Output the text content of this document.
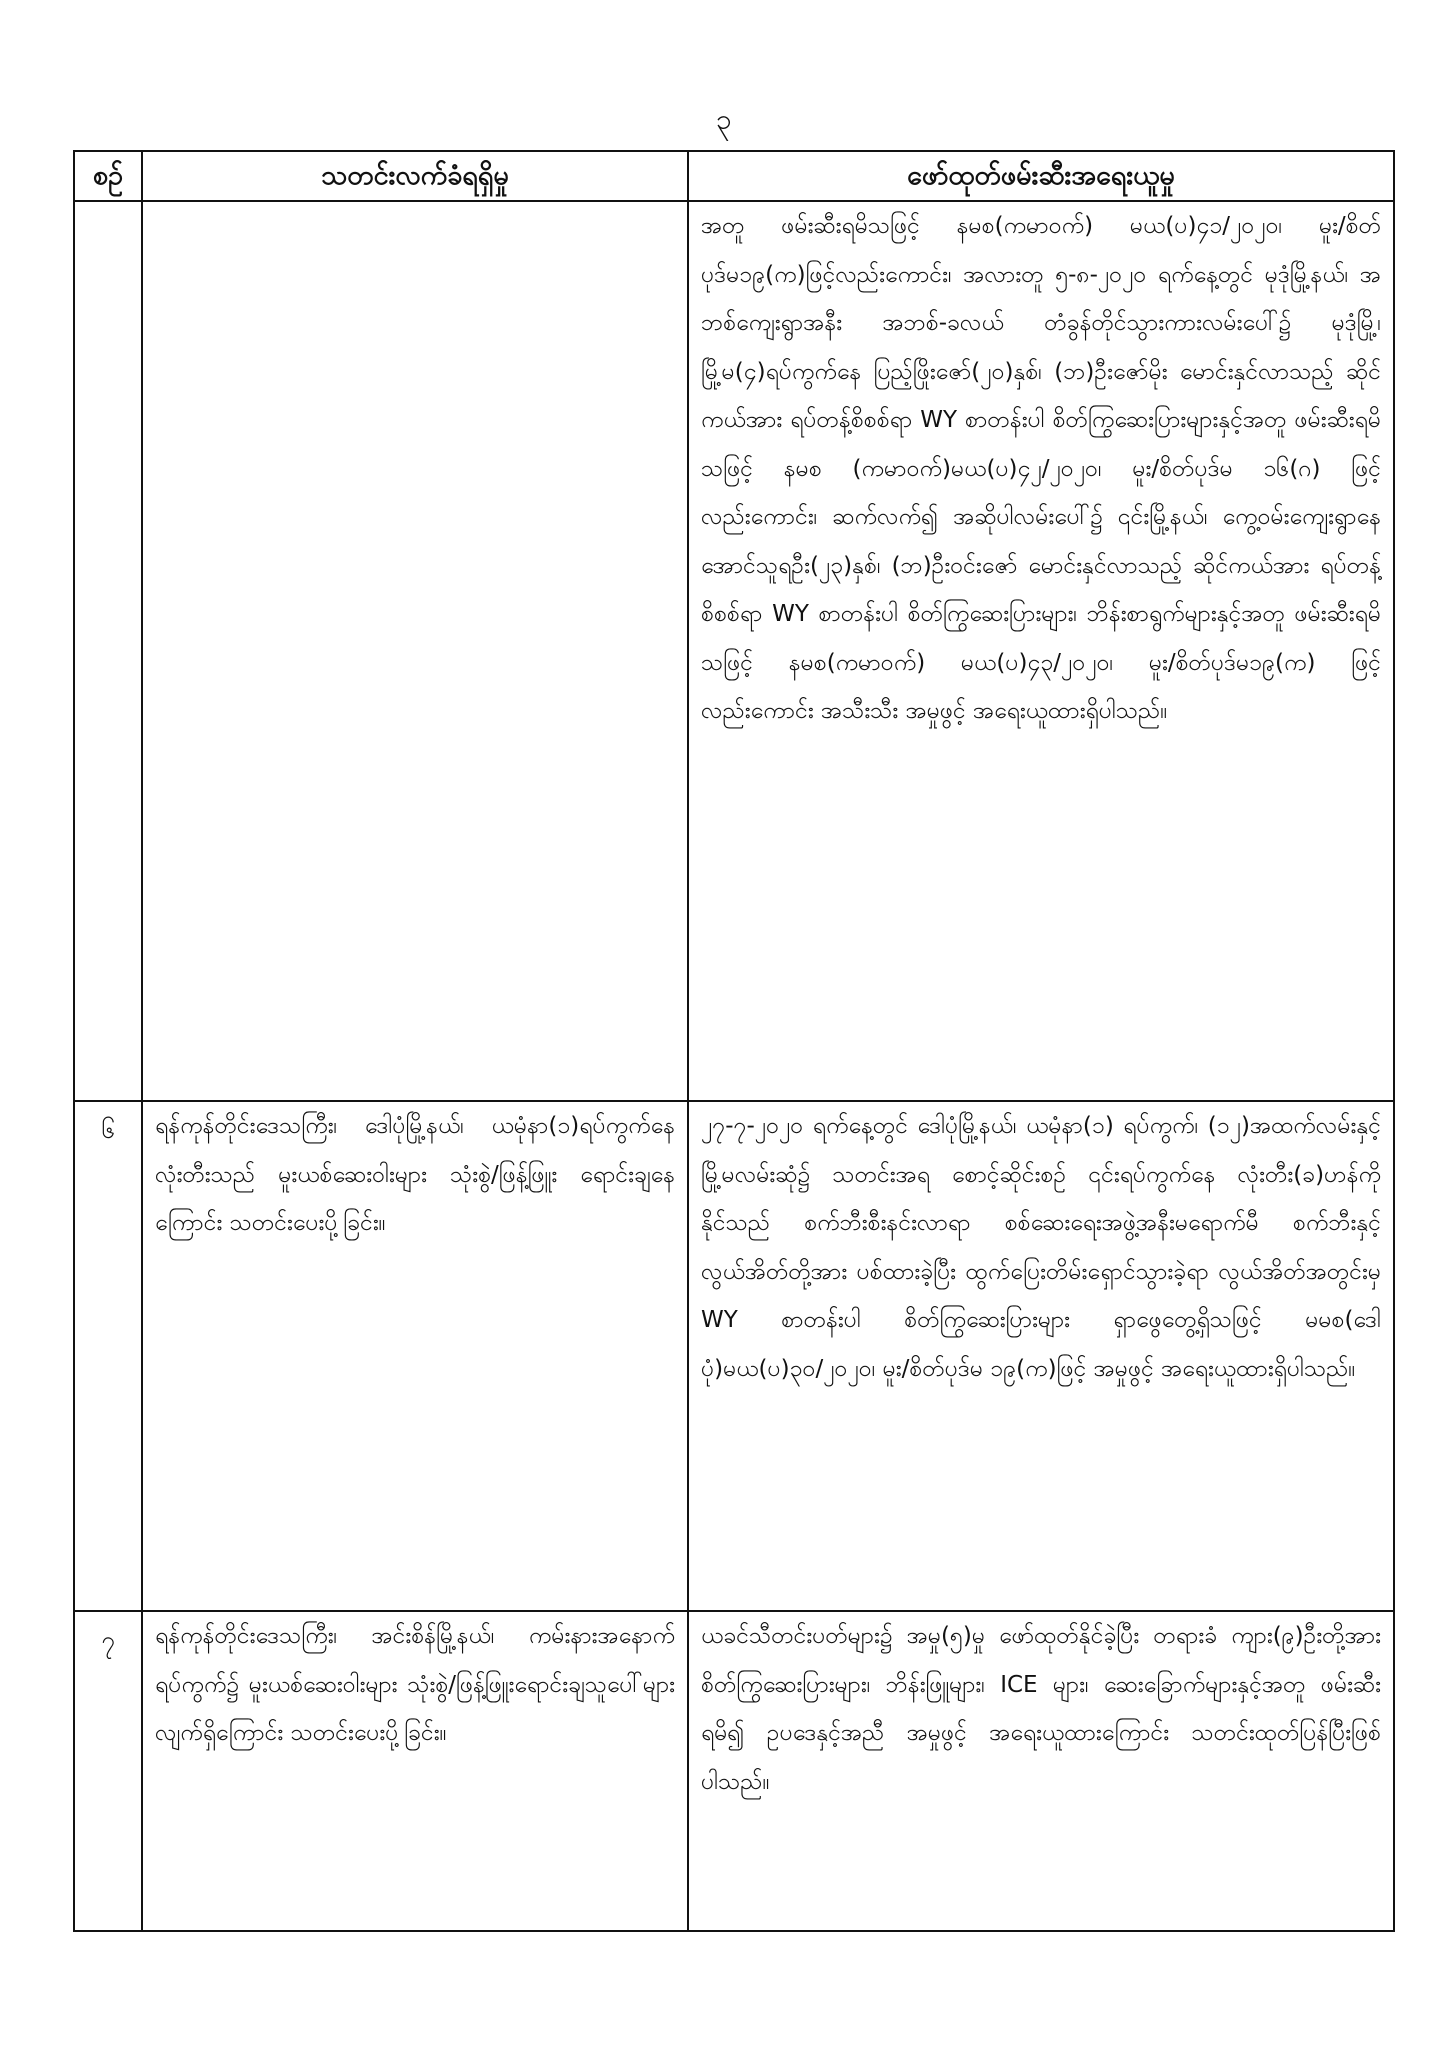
၃
စဉ်	သတင်းလက်ခံရရှိမှု	ဖော်ထုတ်ဖမ်းဆီးအရေးယူမှု
		အတူ ဖမ်းဆီးရမိသဖြင့် နမစ(ကမာဝက်) မယ(ပ)၄၁/၂၀၂၀၊ မူး/စိတ်ပုဒ်မ၁၉(က)ဖြင့်လည်းကောင်း၊ အလားတူ ၅-၈-၂၀၂၀ ရက်နေ့တွင် မုဒုံမြို့နယ်၊ အဘစ်ကျေးရွာအနီး အဘစ်-ခလယ် တံခွန်တိုင်သွားကားလမ်းပေါ်၌ မုဒုံမြို့၊ မြို့မ(၄)ရပ်ကွက်နေ ပြည့်ဖြိုးဇော်(၂၀)နှစ်၊ (ဘ)ဦးဇော်မိုး မောင်းနှင်လာသည့် ဆိုင်ကယ်အား ရပ်တန့်စိစစ်ရာ WY စာတန်းပါ စိတ်ကြွဆေးပြားများနှင့်အတူ ဖမ်းဆီးရမိသဖြင့် နမစ (ကမာဝက်)မယ(ပ)၄၂/၂၀၂၀၊ မူး/စိတ်ပုဒ်မ ၁၆(ဂ) ဖြင့် လည်းကောင်း၊ ဆက်လက်၍ အဆိုပါလမ်းပေါ်၌ ၎င်းမြို့နယ်၊ ကွေ့ဝမ်းကျေးရွာနေ အောင်သူရဦး(၂၃)နှစ်၊ (ဘ)ဦးဝင်းဇော် မောင်းနှင်လာသည့် ဆိုင်ကယ်အား ရပ်တန့်စိစစ်ရာ WY စာတန်းပါ စိတ်ကြွဆေးပြားများ၊ ဘိန်းစာရွက်များနှင့်အတူ ဖမ်းဆီးရမိသဖြင့် နမစ(ကမာဝက်) မယ(ပ)၄၃/၂၀၂၀၊ မူး/စိတ်ပုဒ်မ၁၉(က) ဖြင့် လည်းကောင်း အသီးသီး အမှုဖွင့် အရေးယူထားရှိပါသည်။
၆	ရန်ကုန်တိုင်းဒေသကြီး၊ ဒေါပုံမြို့နယ်၊ ယမုံနာ(၁)ရပ်ကွက်နေ လုံးတီးသည် မူးယစ်ဆေးဝါးများ သုံးစွဲ/ဖြန့်ဖြူး ရောင်းချနေကြောင်း သတင်းပေးပို့ခြင်း။	၂၇-၇-၂၀၂၀ ရက်နေ့တွင် ဒေါပုံမြို့နယ်၊ ယမုံနာ(၁) ရပ်ကွက်၊ (၁၂)အထက်လမ်းနှင့်မြို့မလမ်းဆုံ၌ သတင်းအရ စောင့်ဆိုင်းစဉ် ၎င်းရပ်ကွက်နေ လုံးတီး(ခ)ဟန်ကိုနိုင်သည် စက်ဘီးစီးနင်းလာရာ စစ်ဆေးရေးအဖွဲ့အနီးမရောက်မီ စက်ဘီးနှင့် လွယ်အိတ်တို့အား ပစ်ထားခဲ့ပြီး ထွက်ပြေးတိမ်းရှောင်သွားခဲ့ရာ လွယ်အိတ်အတွင်းမှ WY စာတန်းပါ စိတ်ကြွဆေးပြားများ ရှာဖွေတွေ့ရှိသဖြင့် မမစ(ဒေါပုံ)မယ(ပ)၃၀/၂၀၂၀၊ မူး/စိတ်ပုဒ်မ ၁၉(က)ဖြင့် အမှုဖွင့် အရေးယူထားရှိပါသည်။
၇	ရန်ကုန်တိုင်းဒေသကြီး၊ အင်းစိန်မြို့နယ်၊ ကမ်းနားအနောက်ရပ်ကွက်၌ မူးယစ်ဆေးဝါးများ သုံးစွဲ/ဖြန့်ဖြူးရောင်းချသူပေါ်များလျက်ရှိကြောင်း သတင်းပေးပို့ခြင်း။	ယခင်သီတင်းပတ်များ၌ အမှု(၅)မှု ဖော်ထုတ်နိုင်ခဲ့ပြီး တရားခံ ကျား(၉)ဦးတို့အား စိတ်ကြွဆေးပြားများ၊ ဘိန်းဖြူများ၊ ICE များ၊ ဆေးခြောက်များနှင့်အတူ ဖမ်းဆီးရမိ၍ ဥပဒေနှင့်အညီ အမှုဖွင့် အရေးယူထားကြောင်း သတင်းထုတ်ပြန်ပြီးဖြစ်ပါသည်။
